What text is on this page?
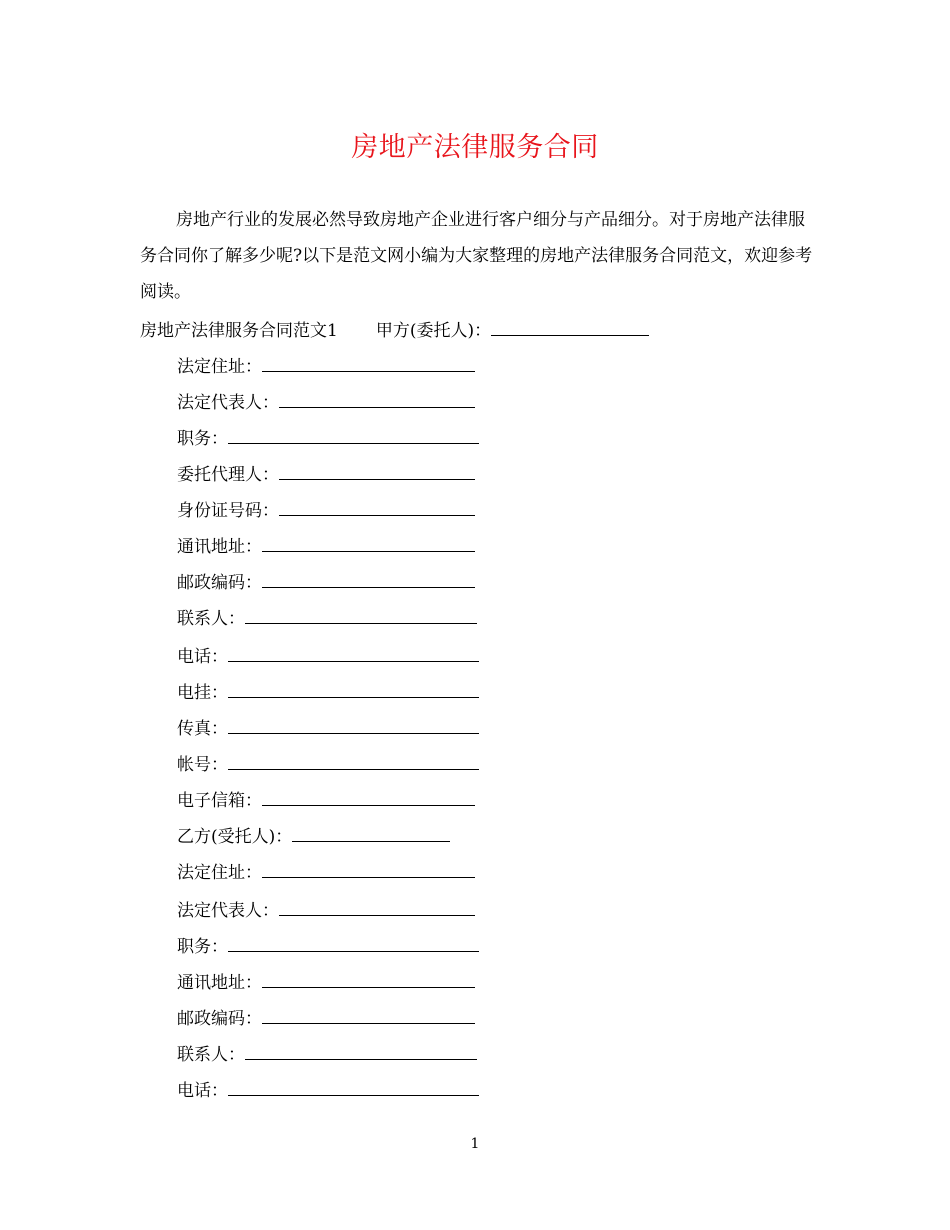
房地产法律服务合同

房地产行业的发展必然导致房地产企业进行客户细分与产品细分。对于房地产法律服务合同你了解多少呢?以下是范文网小编为大家整理的房地产法律服务合同范文，欢迎参考阅读。

房地产法律服务合同范文1 甲方(委托人)：
法定住址：
法定代表人：
职务：
委托代理人：
身份证号码：
通讯地址：
邮政编码：
联系人：
电话：
电挂：
传真：
帐号：
电子信箱：
乙方(受托人)：
法定住址：
法定代表人：
职务：
通讯地址：
邮政编码：
联系人：
电话：
1
